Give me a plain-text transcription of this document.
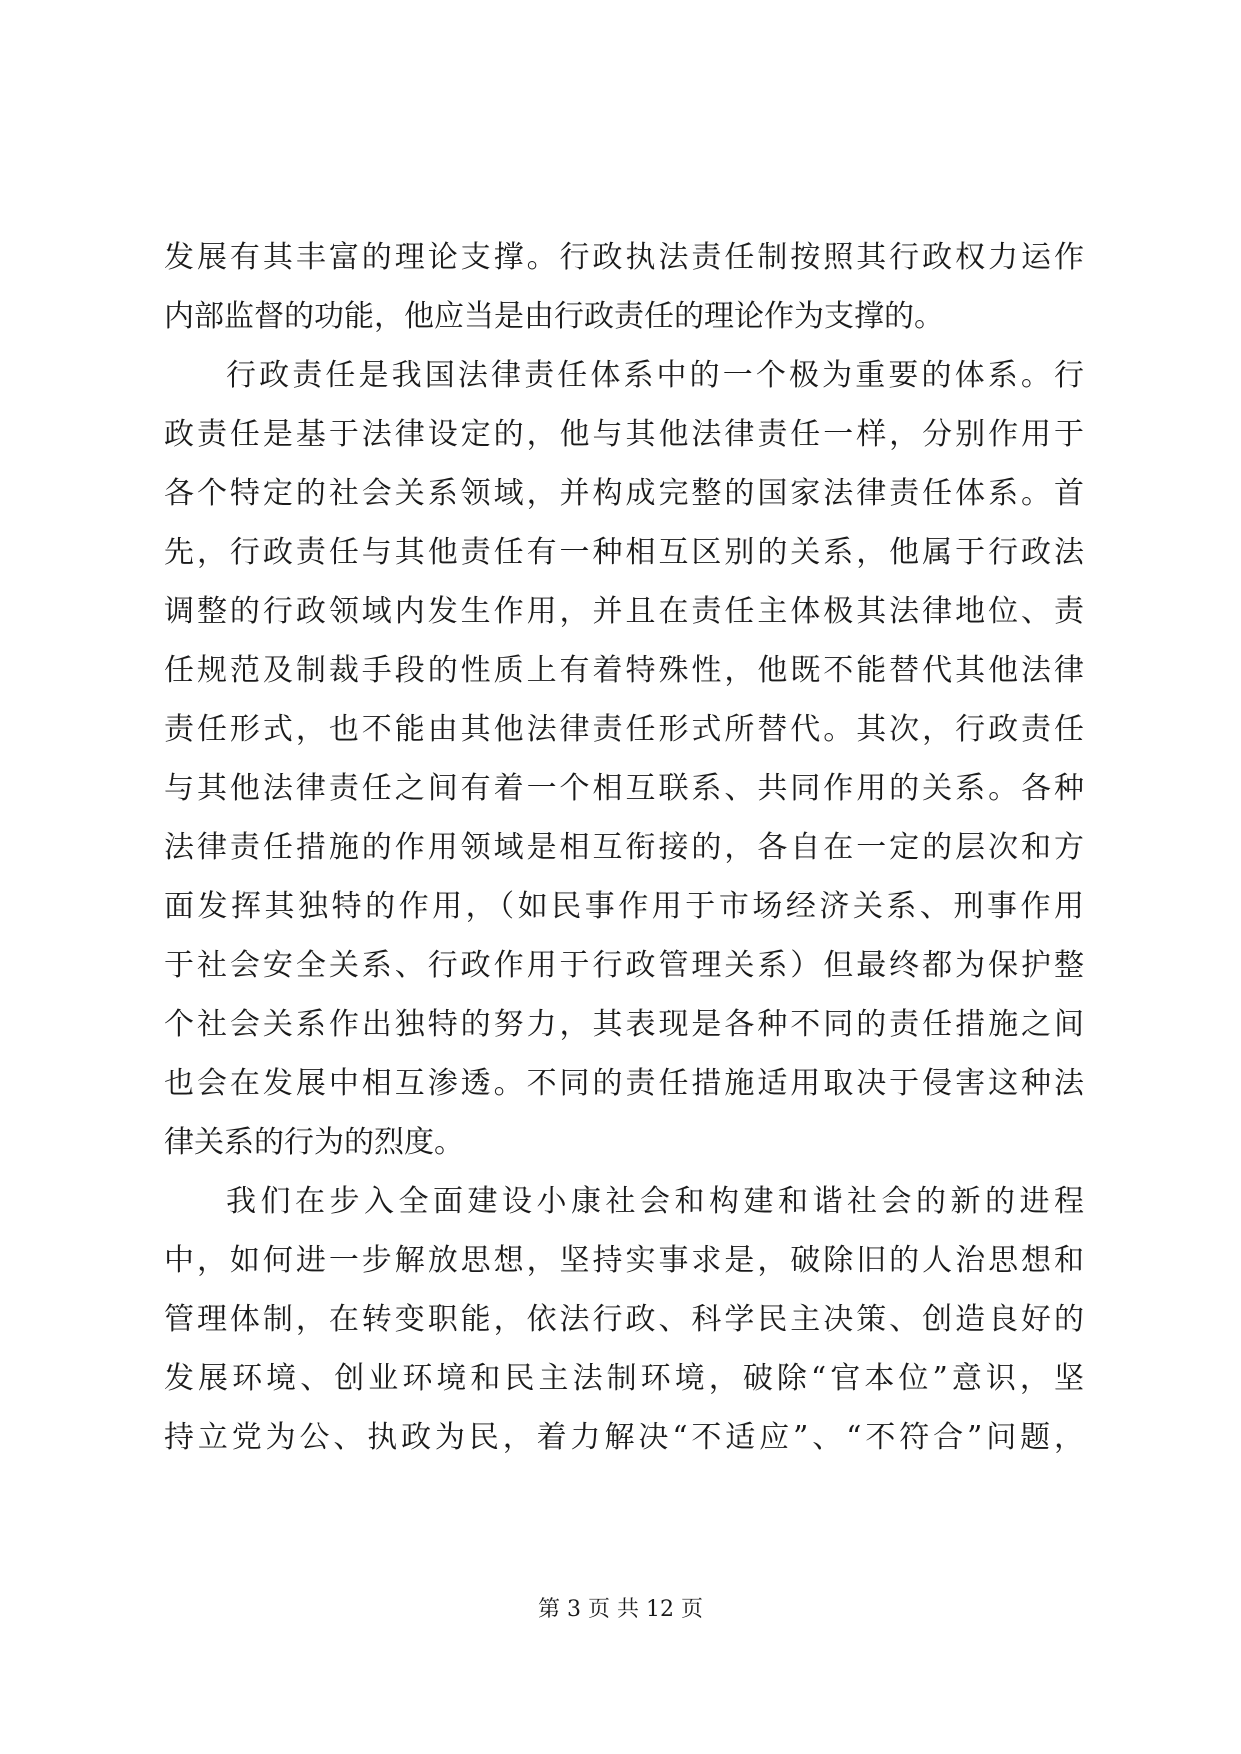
发展有其丰富的理论支撑。行政执法责任制按照其行政权力运作
内部监督的功能，他应当是由行政责任的理论作为支撑的。
行政责任是我国法律责任体系中的一个极为重要的体系。行
政责任是基于法律设定的，他与其他法律责任一样，分别作用于
各个特定的社会关系领域，并构成完整的国家法律责任体系。首
先，行政责任与其他责任有一种相互区别的关系，他属于行政法
调整的行政领域内发生作用，并且在责任主体极其法律地位、责
任规范及制裁手段的性质上有着特殊性，他既不能替代其他法律
责任形式，也不能由其他法律责任形式所替代。其次，行政责任
与其他法律责任之间有着一个相互联系、共同作用的关系。各种
法律责任措施的作用领域是相互衔接的，各自在一定的层次和方
面发挥其独特的作用，（如民事作用于市场经济关系、刑事作用
于社会安全关系、行政作用于行政管理关系）但最终都为保护整
个社会关系作出独特的努力，其表现是各种不同的责任措施之间
也会在发展中相互渗透。不同的责任措施适用取决于侵害这种法
律关系的行为的烈度。
我们在步入全面建设小康社会和构建和谐社会的新的进程
中，如何进一步解放思想，坚持实事求是，破除旧的人治思想和
管理体制，在转变职能，依法行政、科学民主决策、创造良好的
发展环境、创业环境和民主法制环境，破除“官本位”意识，坚
持立党为公、执政为民，着力解决“不适应”、“不符合”问题，
第 3 页 共 12 页
